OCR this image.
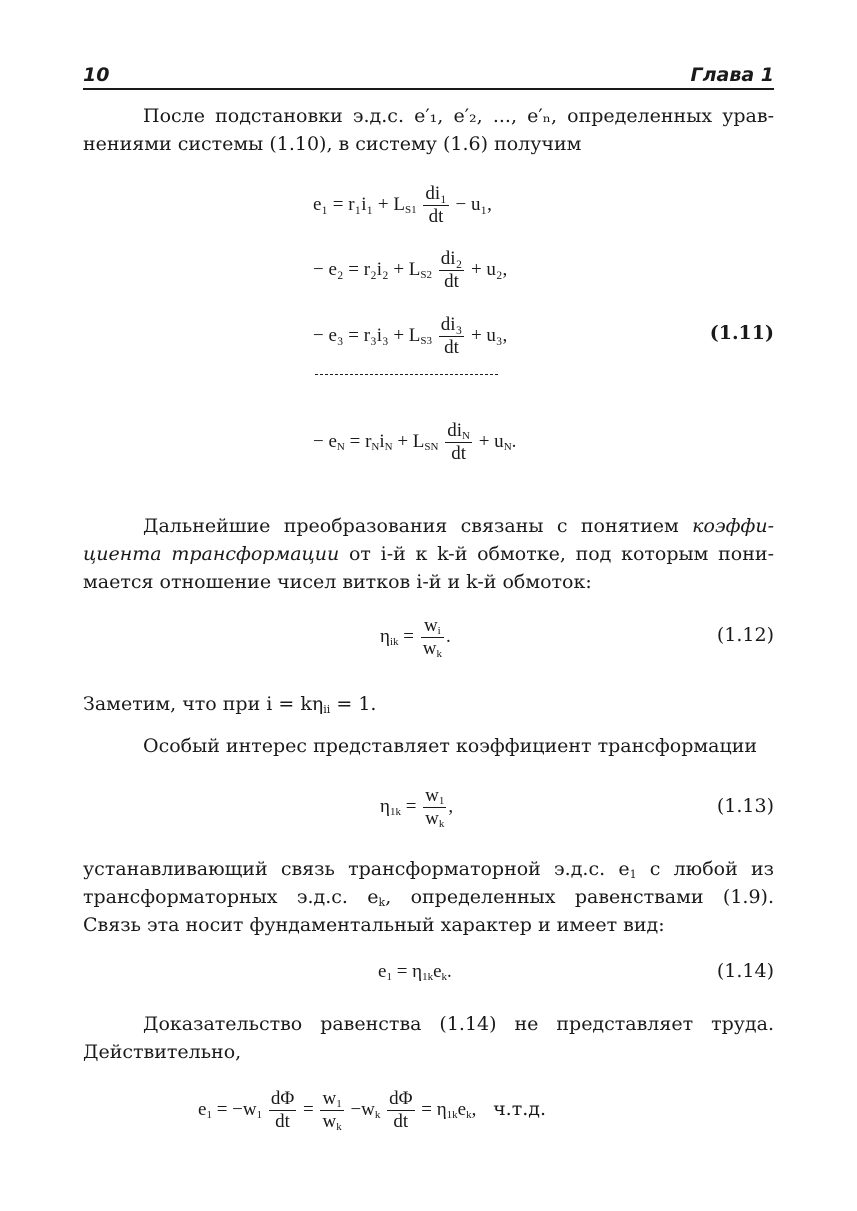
10	Глава 1
После подстановки э.д.с. e′₁, e′₂, ..., e′ₙ, определенных урав-
нениями системы (1.10), в систему (1.6) получим
$e_1 = r_1i_1 + L_{S1} \frac{\text{di₁}}{dt} - u_1$,
− $e_2 = r_2i_2 + L_{S2} \frac{\text{di₂}}{dt} + u_2$,
− $e_3 = r_3i_3 + L_{S3} \frac{\text{di₃}}{dt} + u_3$,	(1.11)
− $e_N = r_Ni_N + L_{SN} \frac{di_N}{dt} + u_N$.
Дальнейшие преобразования связаны с понятием коэффи-
циента трансформации от i-й к k-й обмотке, под которым пони-
мается отношение чисел витков i-й и k-й обмоток:
$\eta_{ik} = \frac{w_i}{w_k}$ .	(1.12)
Заметим, что при $i = k\eta_{ii} = 1$.
Особый интерес представляет коэффициент трансформации
$\eta_{1k} = \frac{w_1}{w_k}$ ,	(1.13)
устанавливающий связь трансформаторной э.д.с. $e_1$ с любой из
трансформаторных э.д.с. $e_k$, определенных равенствами (1.9).
Связь эта носит фундаментальный характер и имеет вид:
$e_1 = \eta_{1k}e_k$.	(1.14)
Доказательство равенства (1.14) не представляет труда.
Действительно,
$e_1 = -w_1 \frac{d\Phi}{dt} = \frac{w_1}{w_k} -w_k \frac{d\Phi}{dt} = \eta_{1k}e_k$, ч.т.д.
